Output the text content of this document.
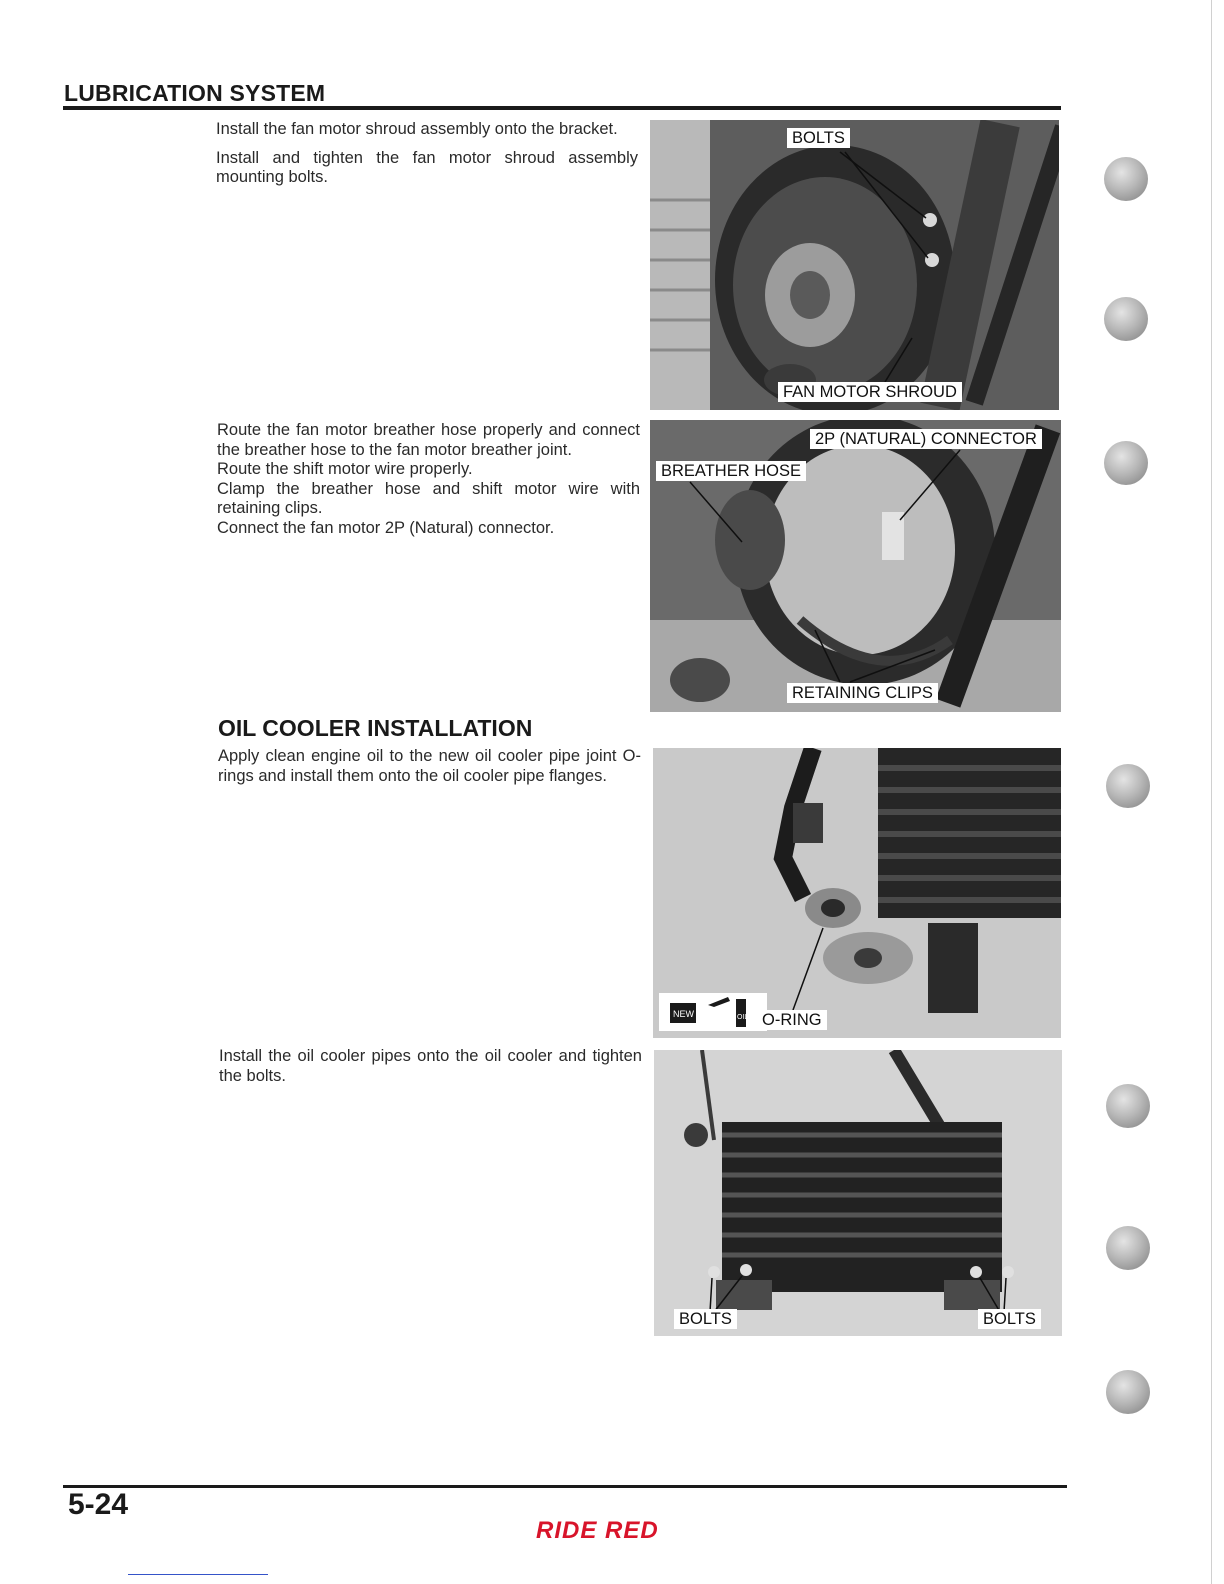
LUBRICATION SYSTEM

Install the fan motor shroud assembly onto the bracket.

Install and tighten the fan motor shroud assembly mounting bolts.

Route the fan motor breather hose properly and connect the breather hose to the fan motor breather joint.

Route the shift motor wire properly.

Clamp the breather hose and shift motor wire with retaining clips.

Connect the fan motor 2P (Natural) connector.

OIL COOLER INSTALLATION

Apply clean engine oil to the new oil cooler pipe joint O-rings and install them onto the oil cooler pipe flanges.

Install the oil cooler pipes onto the oil cooler and tighten the bolts.

BOLTS
FAN MOTOR SHROUD
2P (NATURAL) CONNECTOR
BREATHER HOSE
RETAINING CLIPS
NEW	OIL O-RING
BOLTS	BOLTS
5-24
RIDE RED
